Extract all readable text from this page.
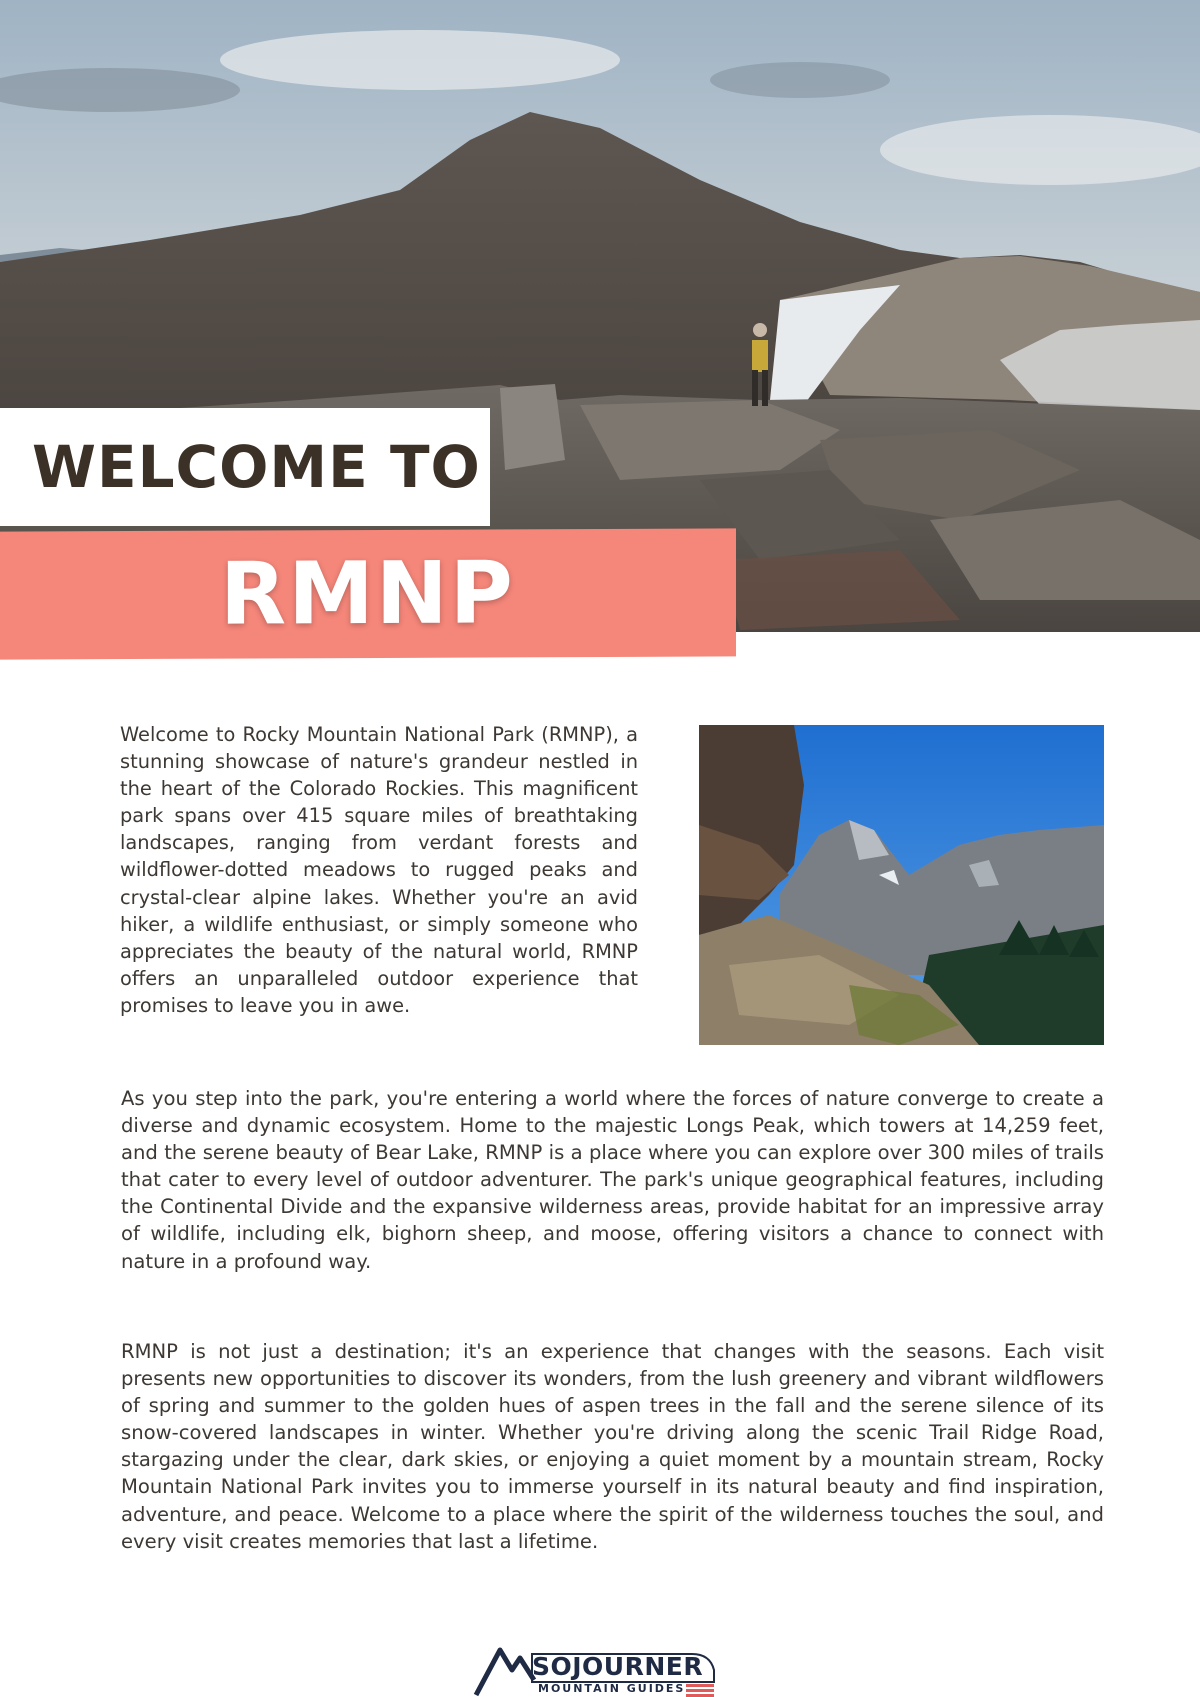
WELCOME TO
RMNP

Welcome to Rocky Mountain National Park (RMNP), a stunning showcase of nature's grandeur nestled in the heart of the Colorado Rockies. This magnificent park spans over 415 square miles of breathtaking landscapes, ranging from verdant forests and wildflower-dotted meadows to rugged peaks and crystal-clear alpine lakes. Whether you're an avid hiker, a wildlife enthusiast, or simply someone who appreciates the beauty of the natural world, RMNP offers an unparalleled outdoor experience that promises to leave you in awe.

As you step into the park, you're entering a world where the forces of nature converge to create a diverse and dynamic ecosystem. Home to the majestic Longs Peak, which towers at 14,259 feet, and the serene beauty of Bear Lake, RMNP is a place where you can explore over 300 miles of trails that cater to every level of outdoor adventurer. The park's unique geographical features, including the Continental Divide and the expansive wilderness areas, provide habitat for an impressive array of wildlife, including elk, bighorn sheep, and moose, offering visitors a chance to connect with nature in a profound way.

RMNP is not just a destination; it's an experience that changes with the seasons. Each visit presents new opportunities to discover its wonders, from the lush greenery and vibrant wildflowers of spring and summer to the golden hues of aspen trees in the fall and the serene silence of its snow-covered landscapes in winter. Whether you're driving along the scenic Trail Ridge Road, stargazing under the clear, dark skies, or enjoying a quiet moment by a mountain stream, Rocky Mountain National Park invites you to immerse yourself in its natural beauty and find inspiration, adventure, and peace. Welcome to a place where the spirit of the wilderness touches the soul, and every visit creates memories that last a lifetime.

SOJOURNER
MOUNTAIN GUIDES
